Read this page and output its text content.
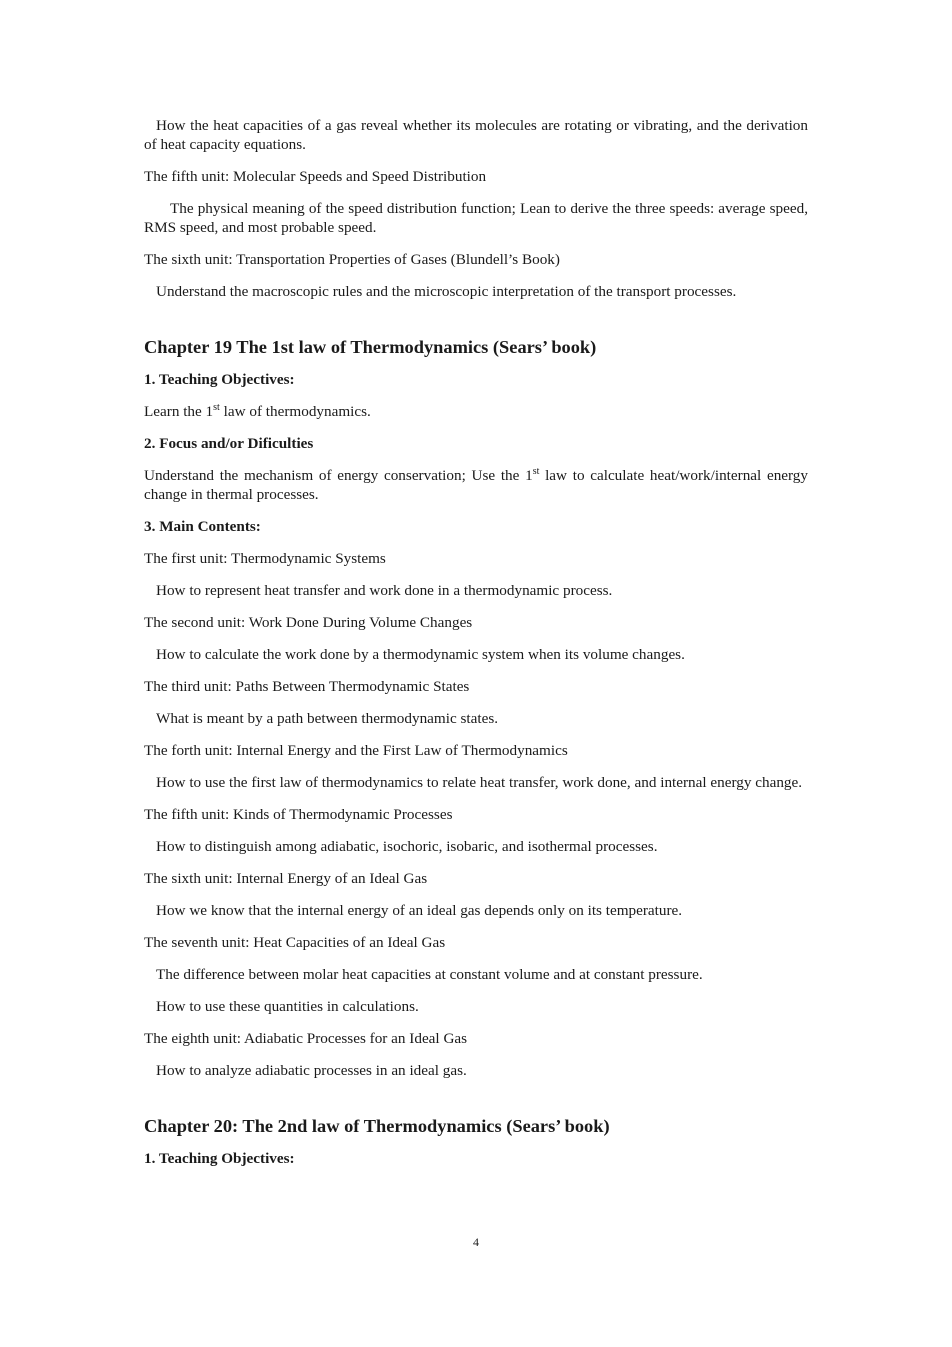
How the heat capacities of a gas reveal whether its molecules are rotating or vibrating, and the derivation of heat capacity equations.

The fifth unit: Molecular Speeds and Speed Distribution

The physical meaning of the speed distribution function; Lean to derive the three speeds: average speed, RMS speed, and most probable speed.

The sixth unit: Transportation Properties of Gases (Blundell’s Book)

Understand the macroscopic rules and the microscopic interpretation of the transport processes.

Chapter 19 The 1st law of Thermodynamics (Sears’ book)

1. Teaching Objectives:

Learn the 1st law of thermodynamics.

2. Focus and/or Dificulties

Understand the mechanism of energy conservation; Use the 1st law to calculate heat/work/internal energy change in thermal processes.

3. Main Contents:

The first unit: Thermodynamic Systems

How to represent heat transfer and work done in a thermodynamic process.

The second unit: Work Done During Volume Changes

How to calculate the work done by a thermodynamic system when its volume changes.

The third unit: Paths Between Thermodynamic States

What is meant by a path between thermodynamic states.

The forth unit: Internal Energy and the First Law of Thermodynamics

How to use the first law of thermodynamics to relate heat transfer, work done, and internal energy change.

The fifth unit: Kinds of Thermodynamic Processes

How to distinguish among adiabatic, isochoric, isobaric, and isothermal processes.

The sixth unit: Internal Energy of an Ideal Gas

How we know that the internal energy of an ideal gas depends only on its temperature.

The seventh unit: Heat Capacities of an Ideal Gas

The difference between molar heat capacities at constant volume and at constant pressure.

How to use these quantities in calculations.

The eighth unit: Adiabatic Processes for an Ideal Gas

How to analyze adiabatic processes in an ideal gas.

Chapter 20: The 2nd law of Thermodynamics (Sears’ book)

1. Teaching Objectives:

4
